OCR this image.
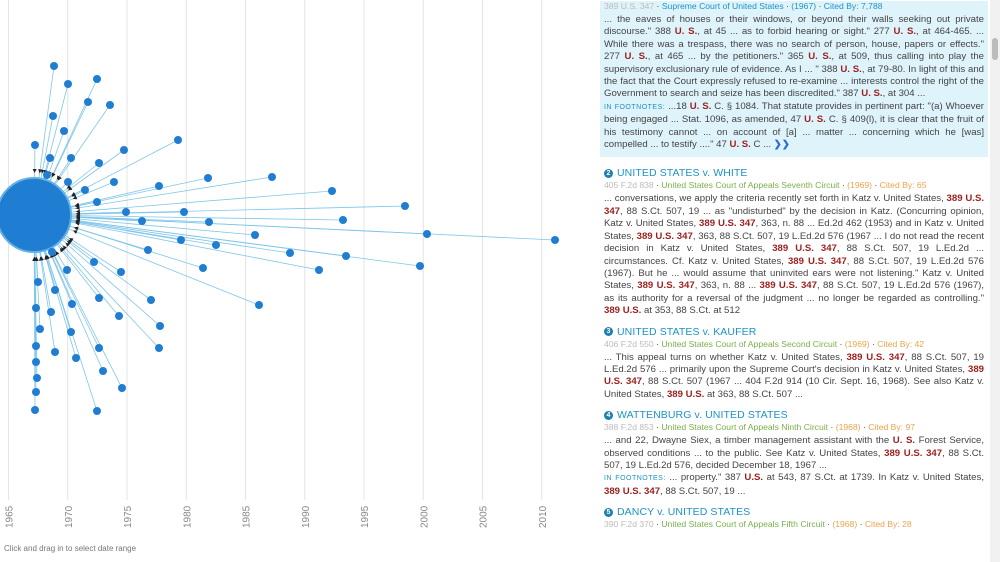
1965	1970	1975	1980	1985	1990	1995	2000	2005	2010
Click and drag in to select date range
389 U.S. 347 · Supreme Court of United States · (1967) · Cited By: 7,788
... the eaves of houses or their windows, or beyond their walls seeking out private discourse." 388 U. S., at 45 ... as to forbid hearing or sight." 277 U. S., at 464-465. ... While there was a trespass, there was no search of person, house, papers or effects." 277 U. S., at 465 ... by the petitioners." 365 U. S., at 509, thus calling into play the supervisory exclusionary rule of evidence. As I ... " 388 U. S., at 79-80. In light of this and the fact that the Court expressly refused to re-examine ... interests control the right of the Government to search and seize has been discredited." 387 U. S., at 304 ...
IN FOOTNOTES: ...18 U. S. C. § 1084. That statute provides in pertinent part: "(a) Whoever being engaged ... Stat. 1096, as amended, 47 U. S. C. § 409(l), it is clear that the fruit of his testimony cannot ... on account of [a] ... matter ... concerning which he [was] compelled ... to testify ...." 47 U. S. C ... ❯❯
2 UNITED STATES v. WHITE
405 F.2d 838 · United States Court of Appeals Seventh Circuit · (1969) · Cited By: 65
... conversations, we apply the criteria recently set forth in Katz v. United States, 389 U.S. 347, 88 S.Ct. 507, 19 ... as "undisturbed" by the decision in Katz. (Concurring opinion, Katz v. United States, 389 U.S. 347, 363, n. 88 ... Ed.2d 462 (1953) and in Katz v. United States, 389 U.S. 347, 363, 88 S.Ct. 507, 19 L.Ed.2d 576 (1967 ... I do not read the recent decision in Katz v. United States, 389 U.S. 347, 88 S.Ct. 507, 19 L.Ed.2d ... circumstances. Cf. Katz v. United States, 389 U.S. 347, 88 S.Ct. 507, 19 L.Ed.2d 576 (1967). But he ... would assume that uninvited ears were not listening." Katz v. United States, 389 U.S. 347, 363, n. 88 ... 389 U.S. 347, 88 S.Ct. 507, 19 L.Ed.2d 576 (1967), as its authority for a reversal of the judgment ... no longer be regarded as controlling." 389 U.S. at 353, 88 S.Ct. at 512
3 UNITED STATES v. KAUFER
406 F.2d 550 · United States Court of Appeals Second Circuit · (1969) · Cited By: 42
... This appeal turns on whether Katz v. United States, 389 U.S. 347, 88 S.Ct. 507, 19 L.Ed.2d 576 ... primarily upon the Supreme Court's decision in Katz v. United States, 389 U.S. 347, 88 S.Ct. 507 (1967 ... 404 F.2d 914 (10 Cir. Sept. 16, 1968). See also Katz v. United States, 389 U.S. at 363, 88 S.Ct. 507 ...
4 WATTENBURG v. UNITED STATES
388 F.2d 853 · United States Court of Appeals Ninth Circuit · (1968) · Cited By: 97
... and 22, Dwayne Siex, a timber management assistant with the U. S. Forest Service, observed conditions ... to the public. See Katz v. United States, 389 U.S. 347, 88 S.Ct. 507, 19 L.Ed.2d 576, decided December 18, 1967 ...
IN FOOTNOTES: ... property." 387 U.S. at 543, 87 S.Ct. at 1739. In Katz v. United States, 389 U.S. 347, 88 S.Ct. 507, 19 ...
5 DANCY v. UNITED STATES
390 F.2d 370 · United States Court of Appeals Fifth Circuit · (1968) · Cited By: 28
